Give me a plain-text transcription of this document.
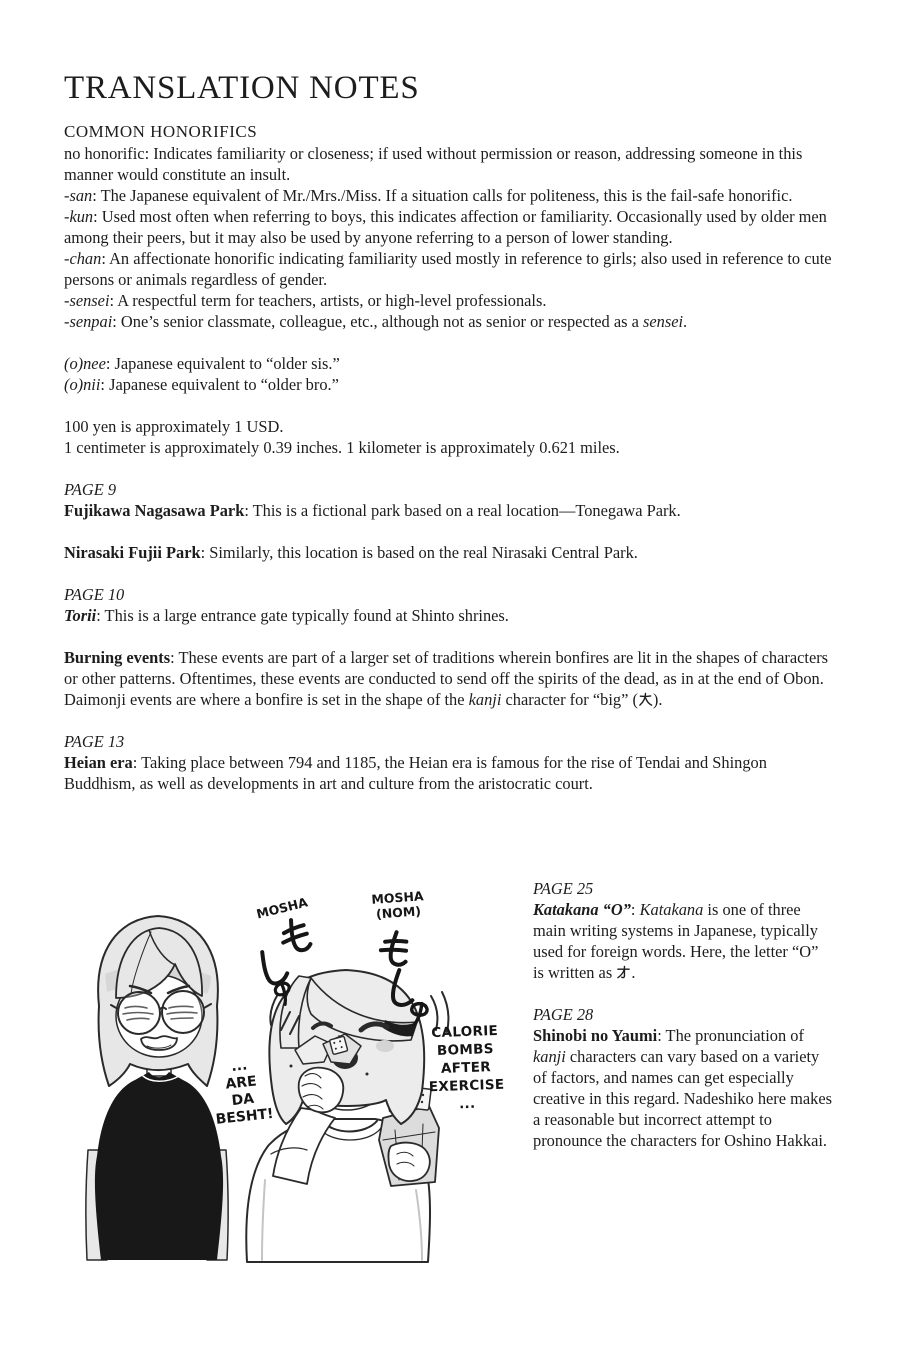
TRANSLATION NOTES
COMMON HONORIFICS

no honorific: Indicates familiarity or closeness; if used without permission or reason, addressing someone in this manner would constitute an insult.

-san: The Japanese equivalent of Mr./Mrs./Miss. If a situation calls for politeness, this is the fail-safe honorific.

-kun: Used most often when referring to boys, this indicates affection or familiarity. Occasionally used by older men among their peers, but it may also be used by anyone referring to a person of lower standing.

-chan: An affectionate honorific indicating familiarity used mostly in reference to girls; also used in reference to cute persons or animals regardless of gender.

-sensei: A respectful term for teachers, artists, or high-level professionals.

-senpai: One’s senior classmate, colleague, etc., although not as senior or respected as a sensei.

(o)nee: Japanese equivalent to “older sis.”

(o)nii: Japanese equivalent to “older bro.”

100 yen is approximately 1 USD.

1 centimeter is approximately 0.39 inches. 1 kilometer is approximately 0.621 miles.

PAGE 9

Fujikawa Nagasawa Park: This is a fictional park based on a real location—Tonegawa Park.

Nirasaki Fujii Park: Similarly, this location is based on the real Nirasaki Central Park.

PAGE 10

Torii: This is a large entrance gate typically found at Shinto shrines.

Burning events: These events are part of a larger set of traditions wherein bonfires are lit in the shapes of characters or other patterns. Oftentimes, these events are conducted to send off the spirits of the dead, as in at the end of Obon. Daimonji events are where a bonfire is set in the shape of the kanji character for “big” ( ).

PAGE 13

Heian era: Taking place between 794 and 1185, the Heian era is famous for the rise of Tendai and Shingon Buddhism, as well as developments in art and culture from the aristocratic court.

PAGE 25

Katakana “O”: Katakana is one of three main writing systems in Japanese, typically used for foreign words. Here, the letter “O” is written as .

PAGE 28

Shinobi no Yaumi: The pronunciation of kanji characters can vary based on a variety of factors, and names can get especially creative in this regard. Nadeshiko here makes a reasonable but incorrect attempt to pronounce the characters for Oshino Hakkai.

MOSHA	MOSHA
(NOM)
CALORIE
BOMBS
AFTER
EXERCISE
...
...
ARE
DA
BESHT!
